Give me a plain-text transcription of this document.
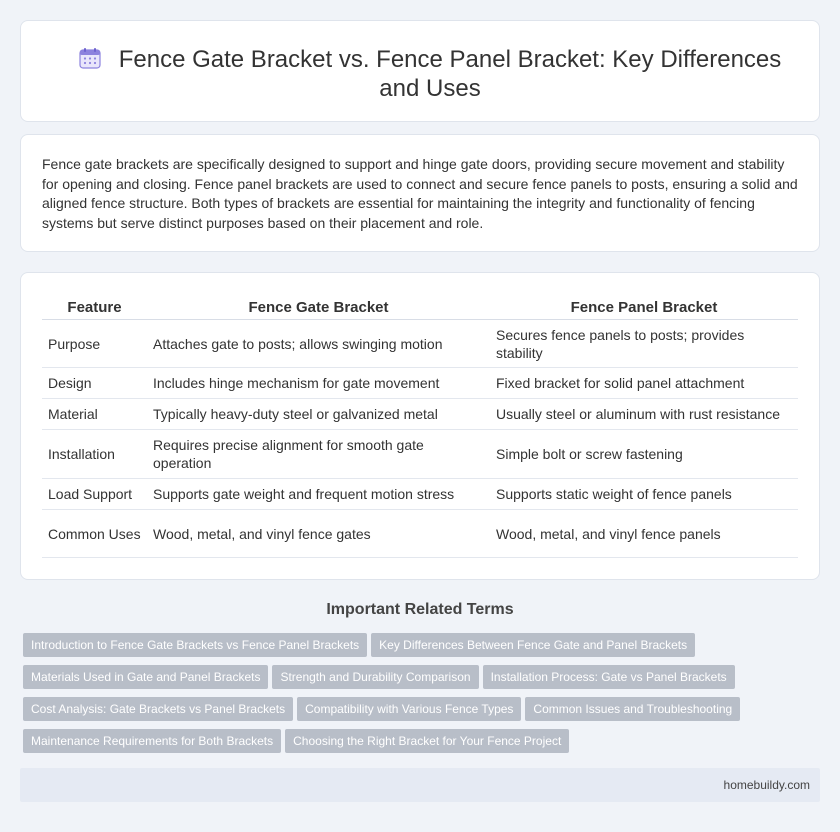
Fence Gate Bracket vs. Fence Panel Bracket: Key Differences and Uses

Fence gate brackets are specifically designed to support and hinge gate doors, providing secure movement and stability for opening and closing. Fence panel brackets are used to connect and secure fence panels to posts, ensuring a solid and aligned fence structure. Both types of brackets are essential for maintaining the integrity and functionality of fencing systems but serve distinct purposes based on their placement and role.

Feature	Fence Gate Bracket	Fence Panel Bracket
Purpose	Attaches gate to posts; allows swinging motion	Secures fence panels to posts; provides stability
Design	Includes hinge mechanism for gate movement	Fixed bracket for solid panel attachment
Material	Typically heavy-duty steel or galvanized metal	Usually steel or aluminum with rust resistance
Installation	Requires precise alignment for smooth gate operation	Simple bolt or screw fastening
Load Support	Supports gate weight and frequent motion stress	Supports static weight of fence panels
Common Uses	Wood, metal, and vinyl fence gates	Wood, metal, and vinyl fence panels
Important Related Terms
Introduction to Fence Gate Brackets vs Fence Panel Brackets Key Differences Between Fence Gate and Panel Brackets
Materials Used in Gate and Panel Brackets Strength and Durability Comparison Installation Process: Gate vs Panel Brackets
Cost Analysis: Gate Brackets vs Panel Brackets Compatibility with Various Fence Types Common Issues and Troubleshooting
Maintenance Requirements for Both Brackets Choosing the Right Bracket for Your Fence Project
homebuildy.com
